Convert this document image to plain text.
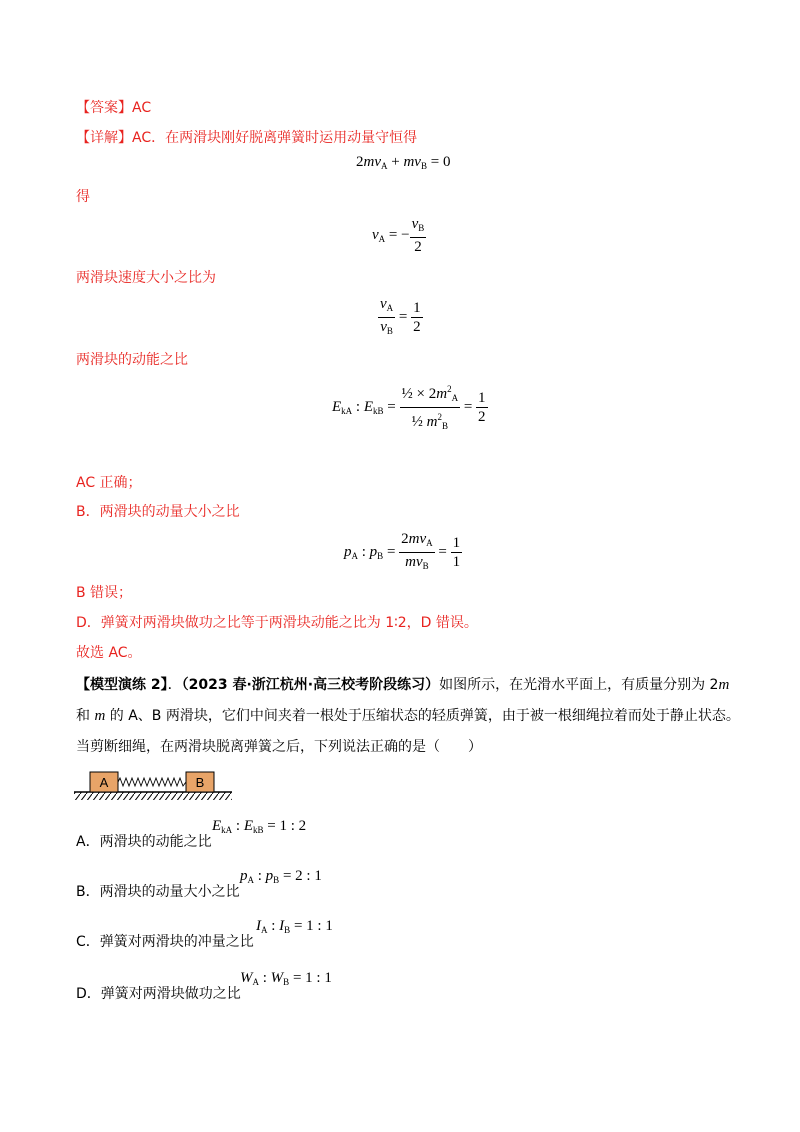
【答案】AC
【详解】AC．在两滑块刚好脱离弹簧时运用动量守恒得
$2mv_A + mv_B = 0$
得
$v_A$ = − $\frac{v_B}{2}$
两滑块速度大小之比为
$\frac{v_A}{v_B} = \frac{1}{2}$
两滑块的动能之比
$E_{kA}$ : $E_{kB} = \frac{\frac{1}{2} \times 2m^2_A}{\frac{1}{2} m^2_B} = \frac{1}{2}$
AC 正确；
B．两滑块的动量大小之比
$p_A$ : $p_B = \frac{2mv_A}{mv_B} = \frac{1}{1}$
B 错误；
D．弹簧对两滑块做功之比等于两滑块动能之比为 1∶2，D 错误。
故选 AC。
【模型演练 2】．（2023 春·浙江杭州·高三校考阶段练习）如图所示，在光滑水平面上，有质量分别为 2m
和 m 的 A、B 两滑块，它们中间夹着一根处于压缩状态的轻质弹簧，由于被一根细绳拉着而处于静止状态。
当剪断细绳，在两滑块脱离弹簧之后，下列说法正确的是（　　）
A	B
A．两滑块的动能之比
$E_{kA}$ : $E_{kB} = 1$ : 2
B．两滑块的动量大小之比
$p_A$ : $p_B = 2$ : 1
C．弹簧对两滑块的冲量之比
$I_A$ : $I_B = 1$ : 1
D．弹簧对两滑块做功之比
$W_A$ : $W_B = 1$ : 1
